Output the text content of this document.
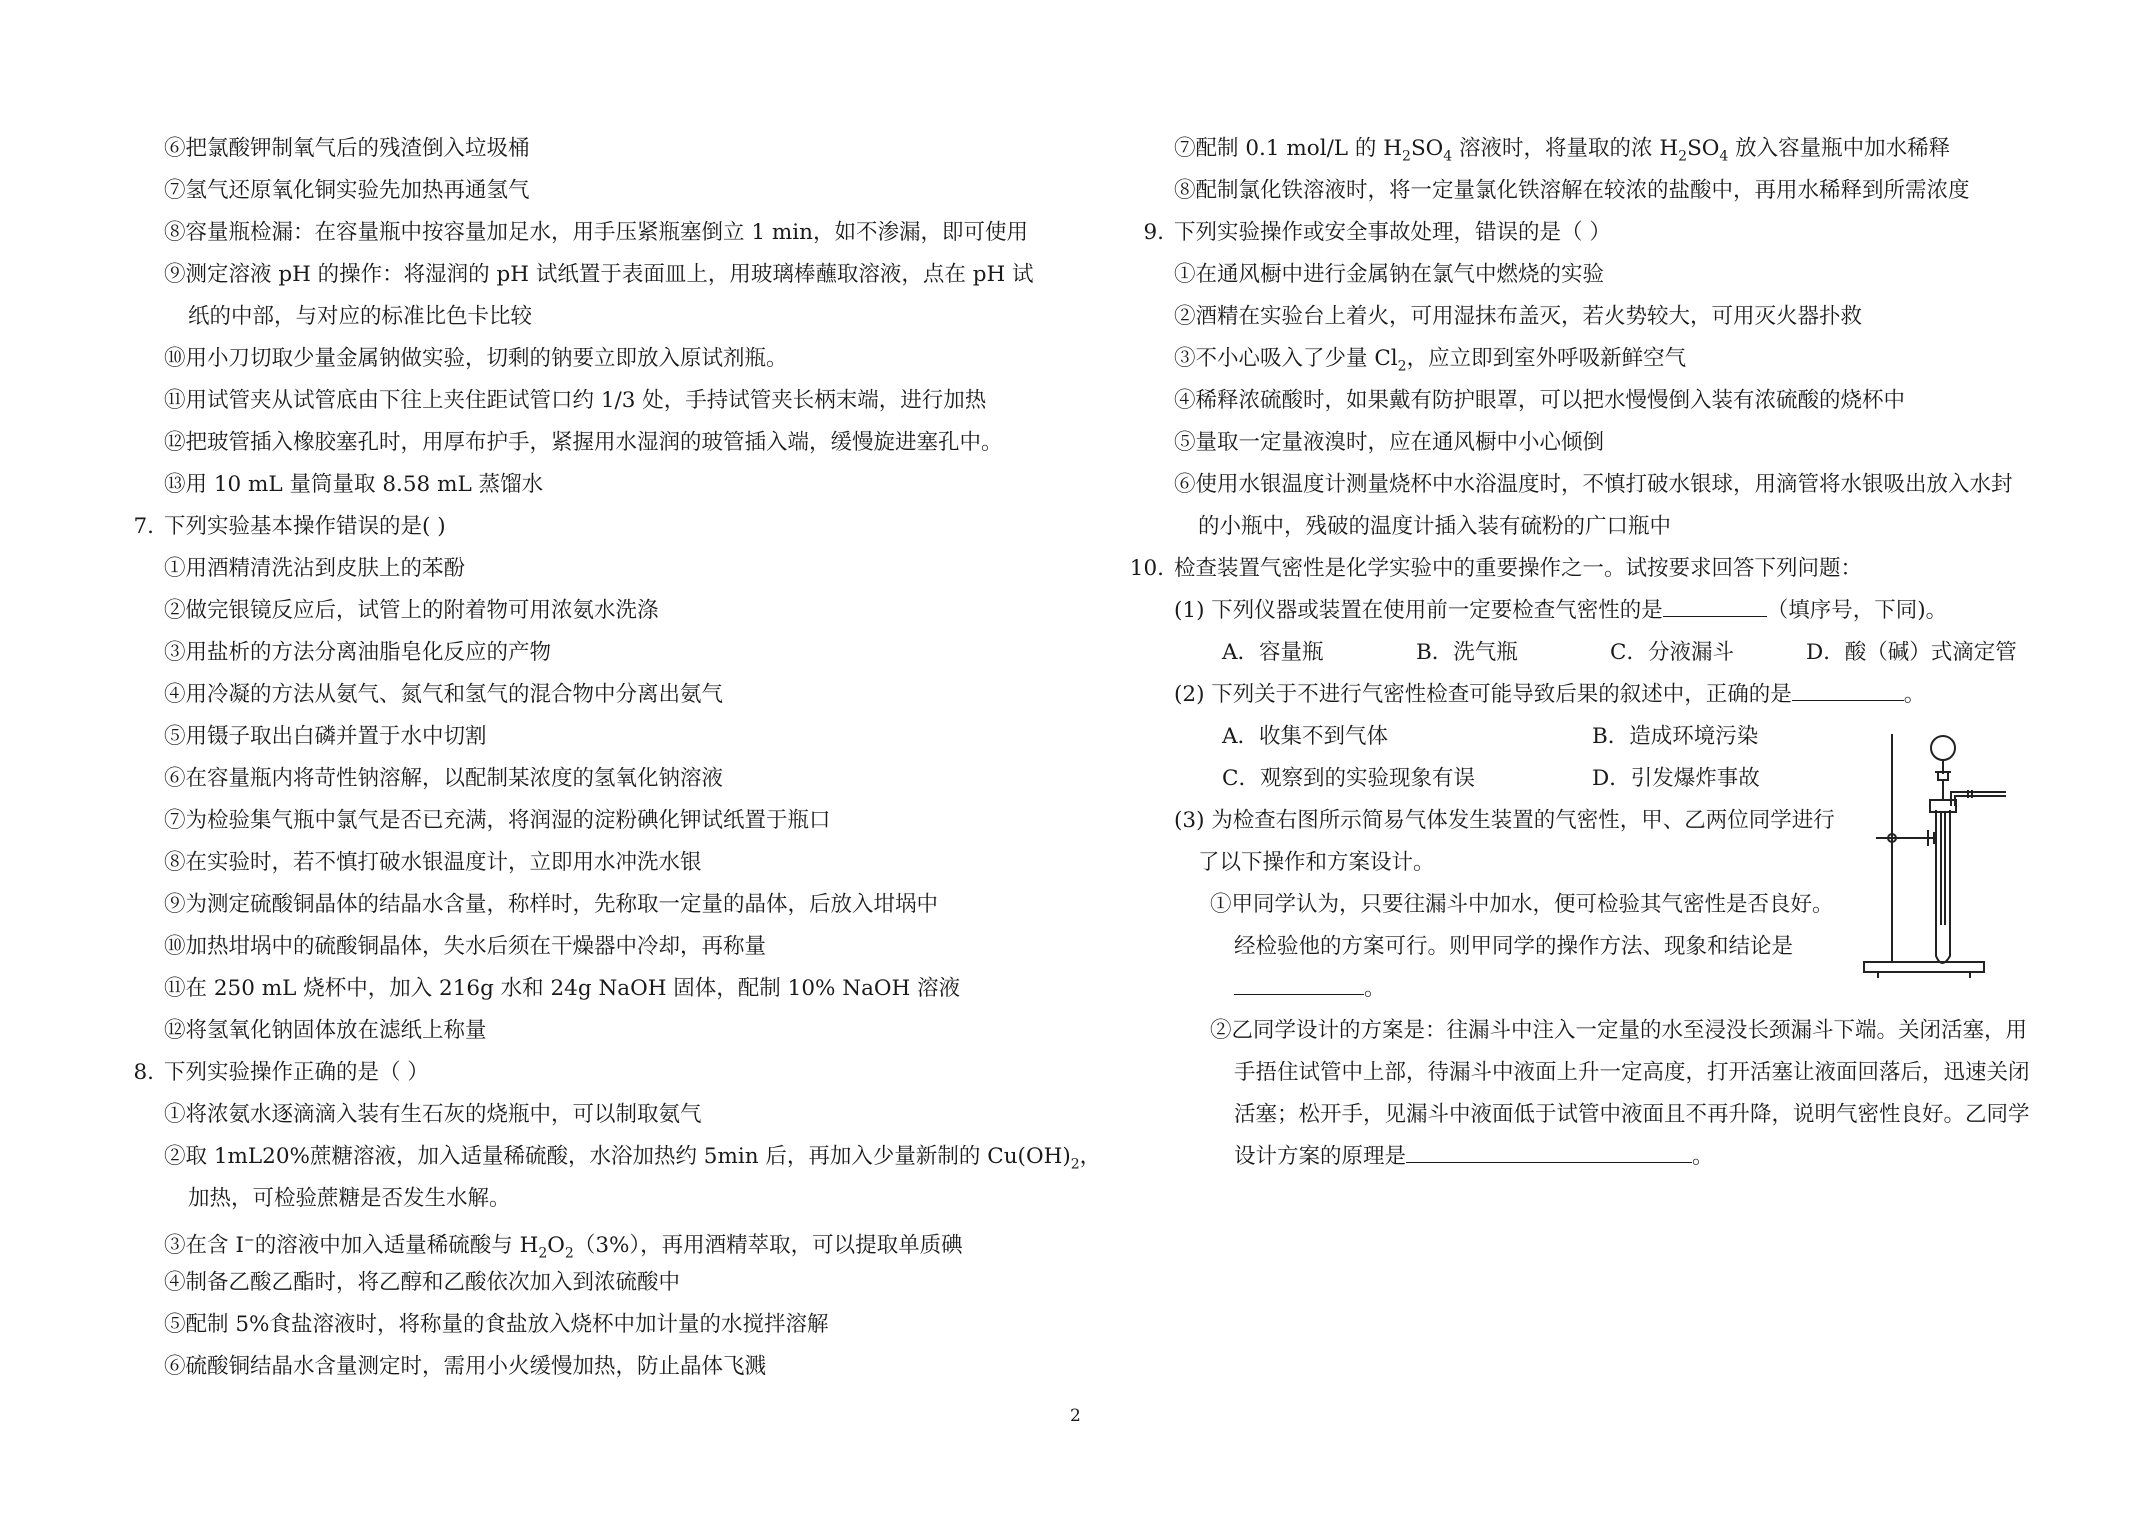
⑥把氯酸钾制氧气后的残渣倒入垃圾桶
⑦氢气还原氧化铜实验先加热再通氢气
⑧容量瓶检漏：在容量瓶中按容量加足水，用手压紧瓶塞倒立 1 min，如不渗漏，即可使用
⑨测定溶液 pH 的操作：将湿润的 pH 试纸置于表面皿上，用玻璃棒蘸取溶液，点在 pH 试
纸的中部，与对应的标准比色卡比较
⑩用小刀切取少量金属钠做实验，切剩的钠要立即放入原试剂瓶。
⑪用试管夹从试管底由下往上夹住距试管口约 1/3 处，手持试管夹长柄末端，进行加热
⑫把玻管插入橡胶塞孔时，用厚布护手，紧握用水湿润的玻管插入端，缓慢旋进塞孔中。
⑬用 10 mL 量筒量取 8.58 mL 蒸馏水
7. 下列实验基本操作错误的是( )
①用酒精清洗沾到皮肤上的苯酚
②做完银镜反应后，试管上的附着物可用浓氨水洗涤
③用盐析的方法分离油脂皂化反应的产物
④用冷凝的方法从氨气、氮气和氢气的混合物中分离出氨气
⑤用镊子取出白磷并置于水中切割
⑥在容量瓶内将苛性钠溶解，以配制某浓度的氢氧化钠溶液
⑦为检验集气瓶中氯气是否已充满，将润湿的淀粉碘化钾试纸置于瓶口
⑧在实验时，若不慎打破水银温度计，立即用水冲洗水银
⑨为测定硫酸铜晶体的结晶水含量，称样时，先称取一定量的晶体，后放入坩埚中
⑩加热坩埚中的硫酸铜晶体，失水后须在干燥器中冷却，再称量
⑪在 250 mL 烧杯中，加入 216g 水和 24g NaOH 固体，配制 10% NaOH 溶液
⑫将氢氧化钠固体放在滤纸上称量
8. 下列实验操作正确的是（ ）
①将浓氨水逐滴滴入装有生石灰的烧瓶中，可以制取氨气
②取 1mL20%蔗糖溶液，加入适量稀硫酸，水浴加热约 5min 后，再加入少量新制的 $Cu(OH)_2$，
加热，可检验蔗糖是否发生水解。
③在含 I−的溶液中加入适量稀硫酸与 $H_2O_2(3\%)$，再用酒精萃取，可以提取单质碘
④制备乙酸乙酯时，将乙醇和乙酸依次加入到浓硫酸中
⑤配制 5%食盐溶液时，将称量的食盐放入烧杯中加计量的水搅拌溶解
⑥硫酸铜结晶水含量测定时，需用小火缓慢加热，防止晶体飞溅
⑦配制 0.1 mol/L 的 $H_2SO_4$ 溶液时，将量取的浓 $H_2SO_4$ 放入容量瓶中加水稀释
⑧配制氯化铁溶液时，将一定量氯化铁溶解在较浓的盐酸中，再用水稀释到所需浓度
9. 下列实验操作或安全事故处理，错误的是（ ）
①在通风橱中进行金属钠在氯气中燃烧的实验
②酒精在实验台上着火，可用湿抹布盖灭，若火势较大，可用灭火器扑救
③不小心吸入了少量 $Cl_2$，应立即到室外呼吸新鲜空气
④稀释浓硫酸时，如果戴有防护眼罩，可以把水慢慢倒入装有浓硫酸的烧杯中
⑤量取一定量液溴时，应在通风橱中小心倾倒
⑥使用水银温度计测量烧杯中水浴温度时，不慎打破水银球，用滴管将水银吸出放入水封
的小瓶中，残破的温度计插入装有硫粉的广口瓶中
10. 检查装置气密性是化学实验中的重要操作之一。试按要求回答下列问题：
(1) 下列仪器或装置在使用前一定要检查气密性的是	（填序号，下同)。
A．容量瓶	B．洗气瓶	C．分液漏斗	D．酸（碱）式滴定管
(2) 下列关于不进行气密性检查可能导致后果的叙述中，正确的是	。
A．收集不到气体	B．造成环境污染
C．观察到的实验现象有误	D．引发爆炸事故
(3) 为检查右图所示简易气体发生装置的气密性，甲、乙两位同学进行
了以下操作和方案设计。
①甲同学认为，只要往漏斗中加水，便可检验其气密性是否良好。
经检验他的方案可行。则甲同学的操作方法、现象和结论是
。
②乙同学设计的方案是：往漏斗中注入一定量的水至浸没长颈漏斗下端。关闭活塞，用
手捂住试管中上部，待漏斗中液面上升一定高度，打开活塞让液面回落后，迅速关闭
活塞；松开手，见漏斗中液面低于试管中液面且不再升降，说明气密性良好。乙同学
设计方案的原理是	。
2
